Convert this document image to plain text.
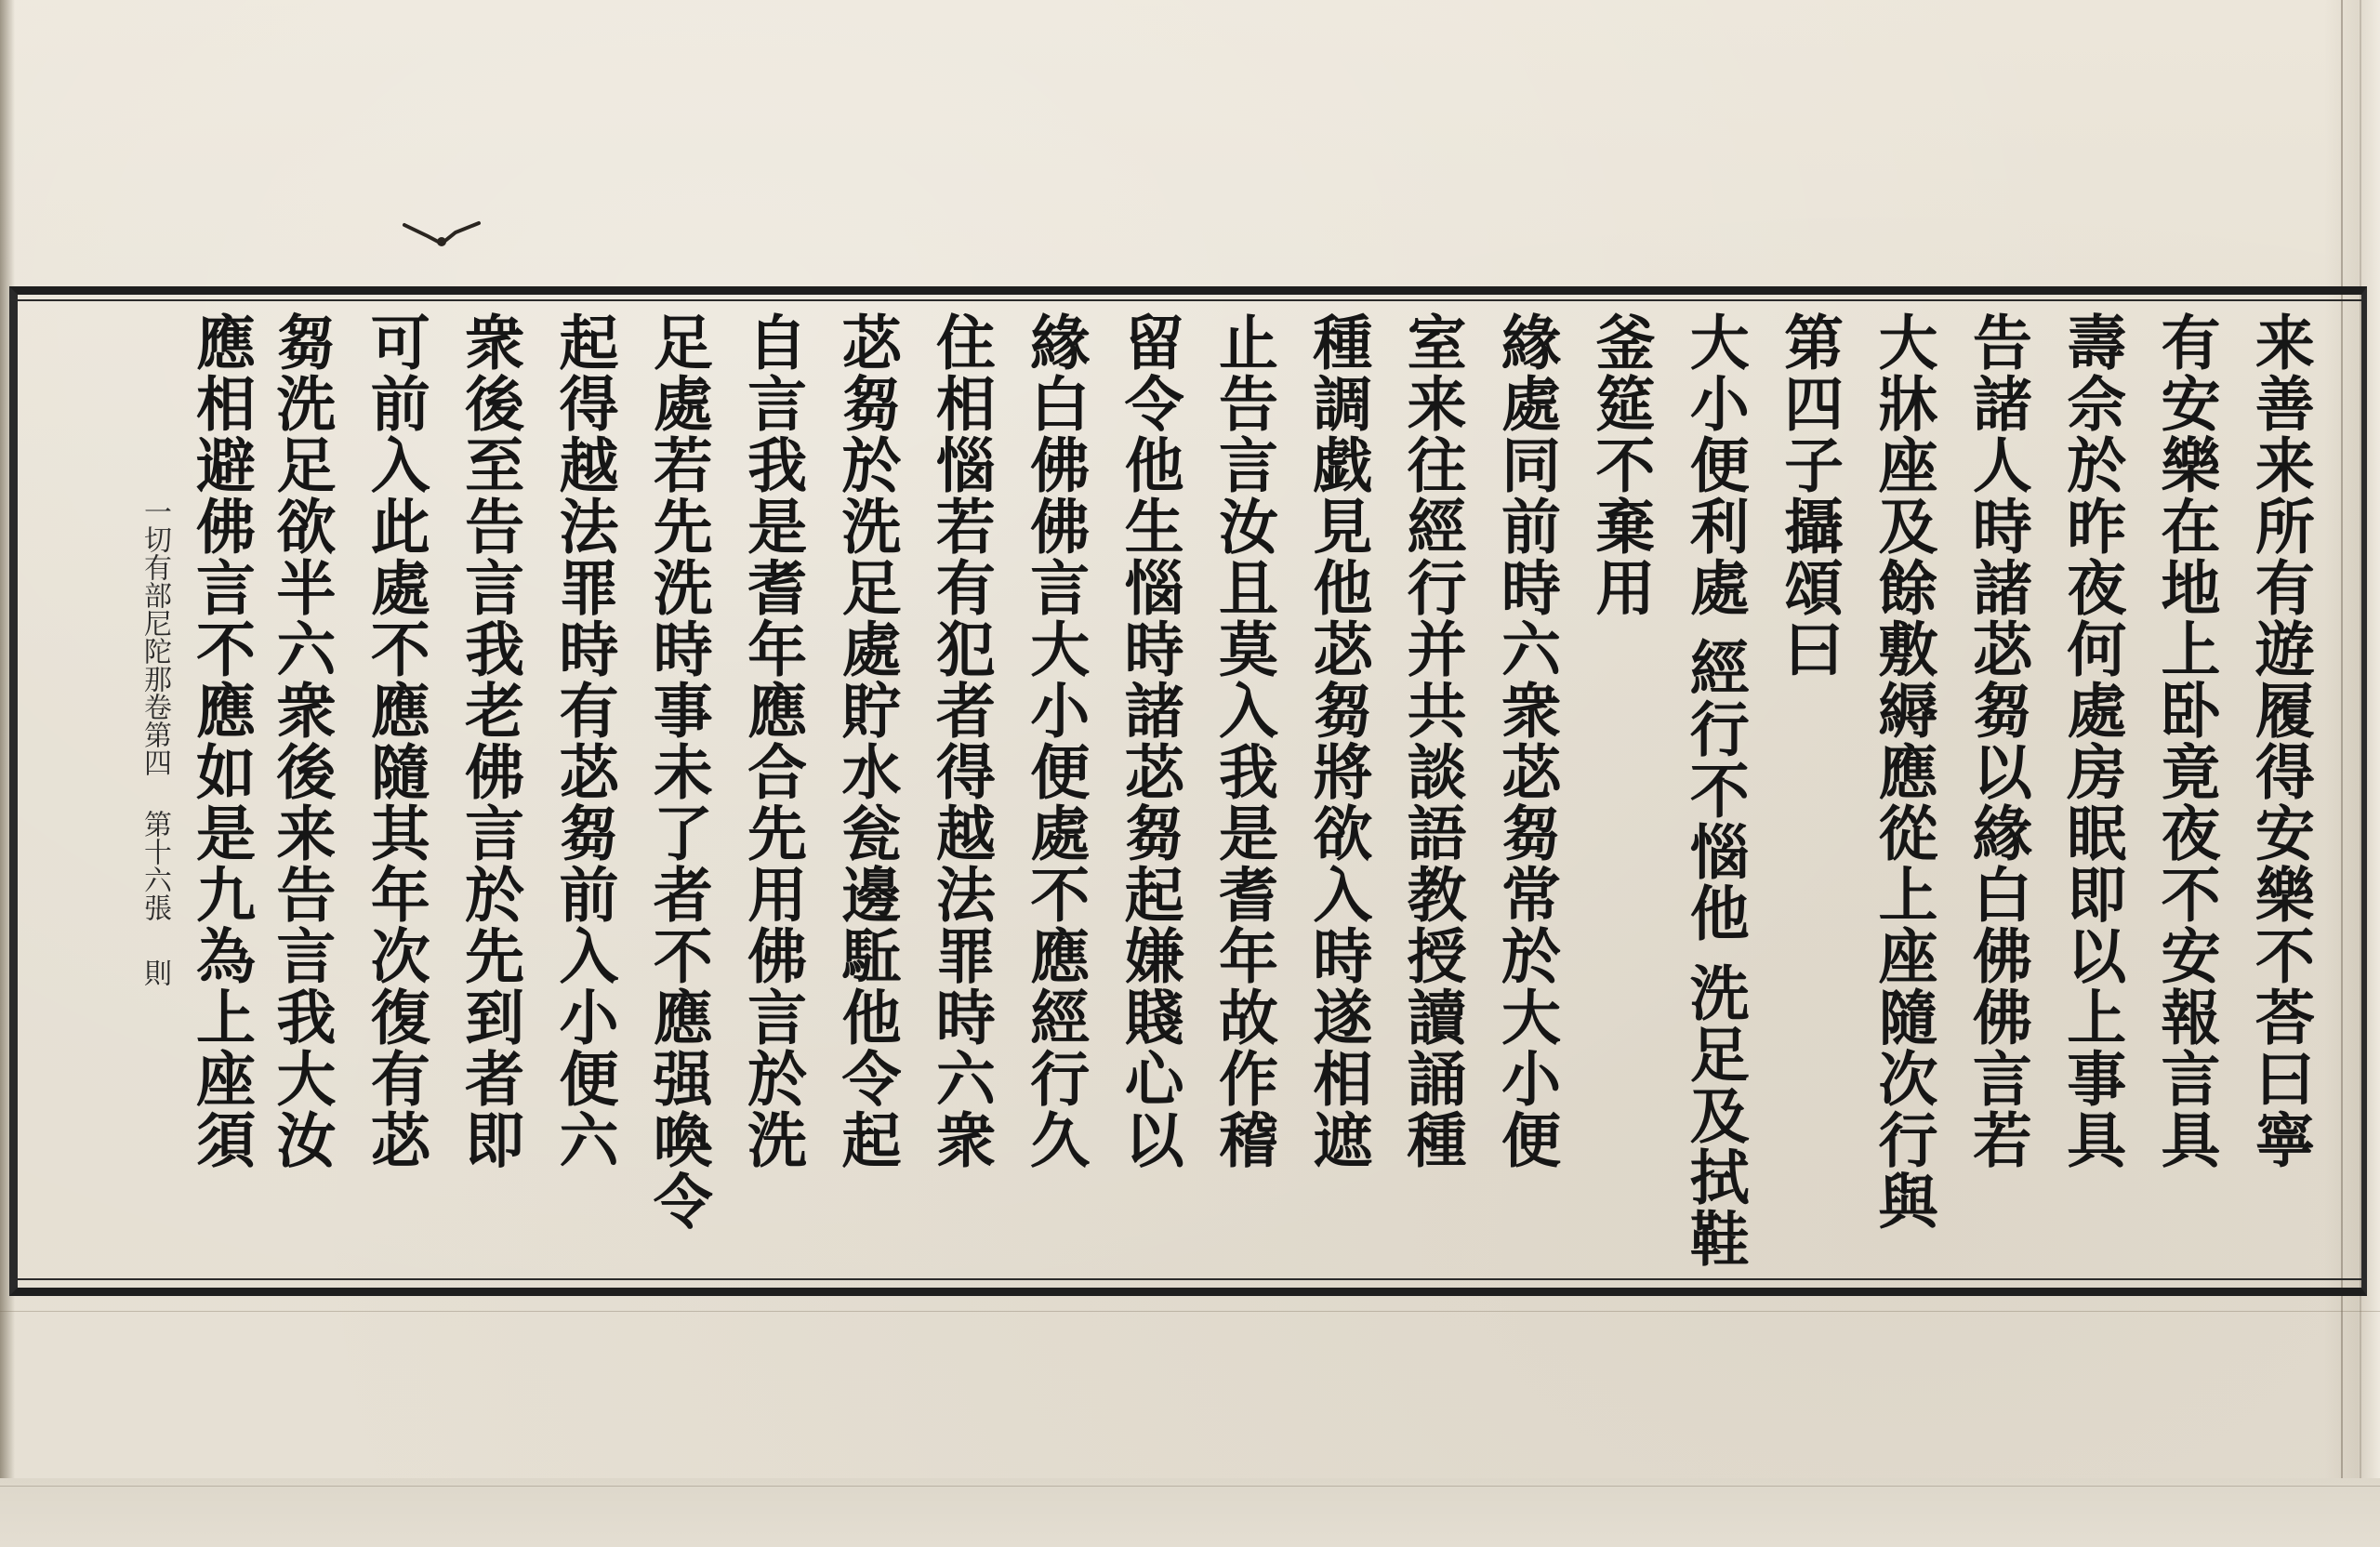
来善来所有遊履得安樂不荅曰寧
有安樂在地上卧竟夜不安報言具
壽佘於昨夜何處房眠即以上事具
告諸人時諸苾芻以緣白佛佛言若
大牀座及餘敷縟應從上座隨次行與
第四子攝頌曰
大小便利處
經行不惱他
洗足及拭鞋
釜筵不棄用
緣處同前時六衆苾芻常於大小便
室来往經行并共談語教授讀誦種
種調戯見他苾芻將欲入時遂相遮
止告言汝且莫入我是耆年故作稽
留令他生惱時諸苾芻起嫌賤心以
緣白佛佛言大小便處不應經行久
住相惱若有犯者得越法罪時六衆
苾芻於洗足處貯水瓮邊駈他令起
自言我是耆年應合先用佛言於洗
足處若先洗時事未了者不應强喚令
起得越法罪時有苾芻前入小便六
衆後至告言我老佛言於先到者即
可前入此處不應隨其年次復有苾
芻洗足欲半六衆後来告言我大汝
應相避佛言不應如是九為上座須
一切有部尼陀那卷第四
第十六張
則
